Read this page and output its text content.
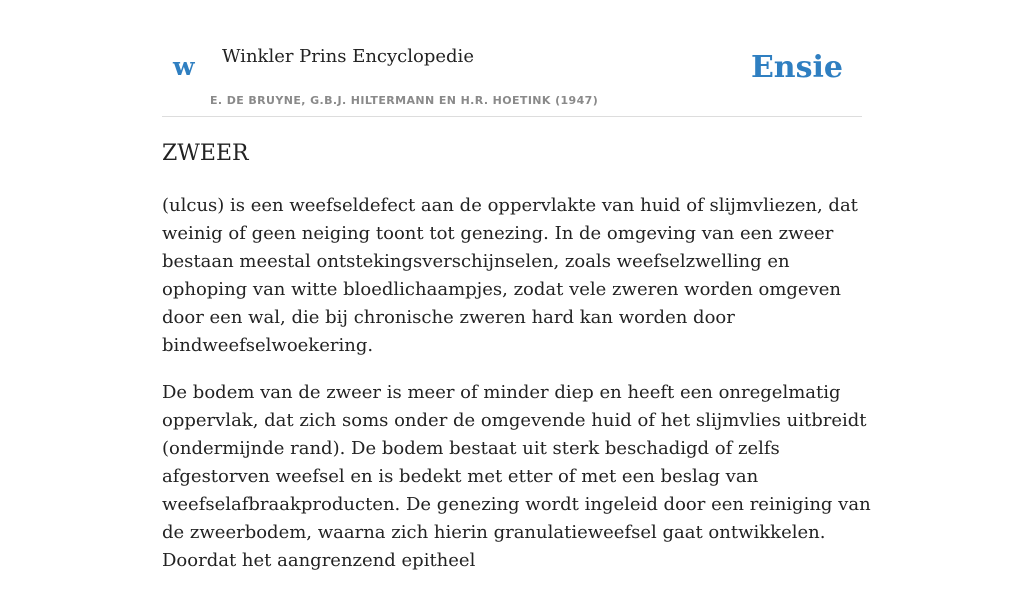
w Winkler Prins Encyclopedie
E. DE BRUYNE, G.B.J. HILTERMANN EN H.R. HOETINK (1947)
Ensie
ZWEER

(ulcus) is een weefseldefect aan de oppervlakte van huid of slijmvliezen, dat weinig of geen neiging toont tot genezing. In de omgeving van een zweer bestaan meestal ontstekingsverschijnselen, zoals weefselzwelling en ophoping van witte bloedlichaampjes, zodat vele zweren worden omgeven door een wal, die bij chronische zweren hard kan worden door bindweefselwoekering.

De bodem van de zweer is meer of minder diep en heeft een onregelmatig oppervlak, dat zich soms onder de omgevende huid of het slijmvlies uitbreidt (ondermijnde rand). De bodem bestaat uit sterk beschadigd of zelfs afgestorven weefsel en is bedekt met etter of met een beslag van weefselafbraakproducten. De genezing wordt ingeleid door een reiniging van de zweerbodem, waarna zich hierin granulatieweefsel gaat ontwikkelen. Doordat het aangrenzend epitheel
